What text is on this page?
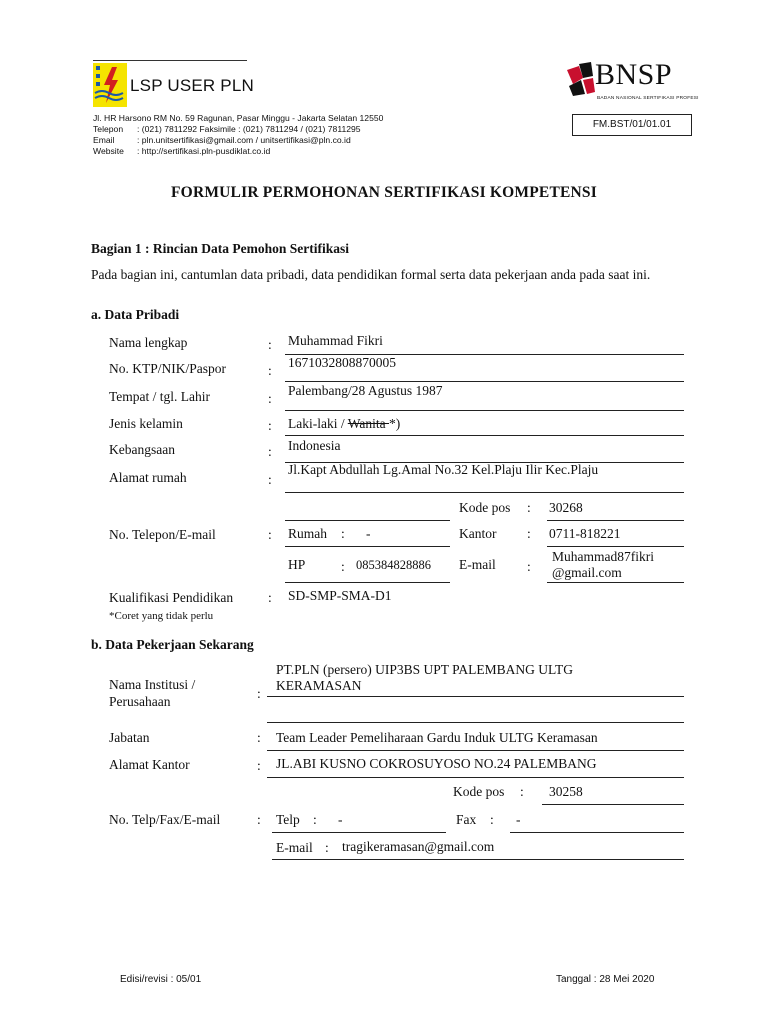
LSP USER PLN
Jl. HR Harsono RM No. 59 Ragunan, Pasar Minggu - Jakarta Selatan 12550
Telepon : (021) 7811292 Faksimile : (021) 7811294 / (021) 7811295
Email	: pln.unitsertifikasi@gmail.com / unitsertifikasi@pln.co.id
Website : http://sertifikasi.pln-pusdiklat.co.id
BNSP
BADAN NASIONAL SERTIFIKASI PROFESI
FM.BST/01/01.01
FORMULIR PERMOHONAN SERTIFIKASI KOMPETENSI
Bagian 1 : Rincian Data Pemohon Sertifikasi
Pada bagian ini, cantumlan data pribadi, data pendidikan formal serta data pekerjaan anda pada saat ini.
a. Data Pribadi
Nama lengkap	: Muhammad Fikri
No. KTP/NIK/Paspor	:
1671032808870005
Tempat / tgl. Lahir	:
Palembang/28 Agustus 1987
Jenis kelamin	: Laki-laki / Wanita *)
Kebangsaan	: Indonesia
Alamat rumah	:
Jl.Kapt Abdullah Lg.Amal No.32 Kel.Plaju Ilir Kec.Plaju
Kode pos : 30268
No. Telepon/E-mail	: Rumah : -	Kantor : 0711-818221
HP	: 085384828886 E-mail :
Muhammad87fikri
@gmail.com
Kualifikasi Pendidikan	: SD-SMP-SMA-D1
*Coret yang tidak perlu
b. Data Pekerjaan Sekarang
Nama Institusi /
Perusahaan
:
PT.PLN (persero) UIP3BS UPT PALEMBANG ULTG
KERAMASAN
Jabatan	: Team Leader Pemeliharaan Gardu Induk ULTG Keramasan
Alamat Kantor	: JL.ABI KUSNO COKROSUYOSO NO.24 PALEMBANG
Kode pos : 30258
No. Telp/Fax/E-mail	: Telp : -	Fax : -
E-mail : tragikeramasan@gmail.com
Edisi/revisi : 05/01	Tanggal : 28 Mei 2020
